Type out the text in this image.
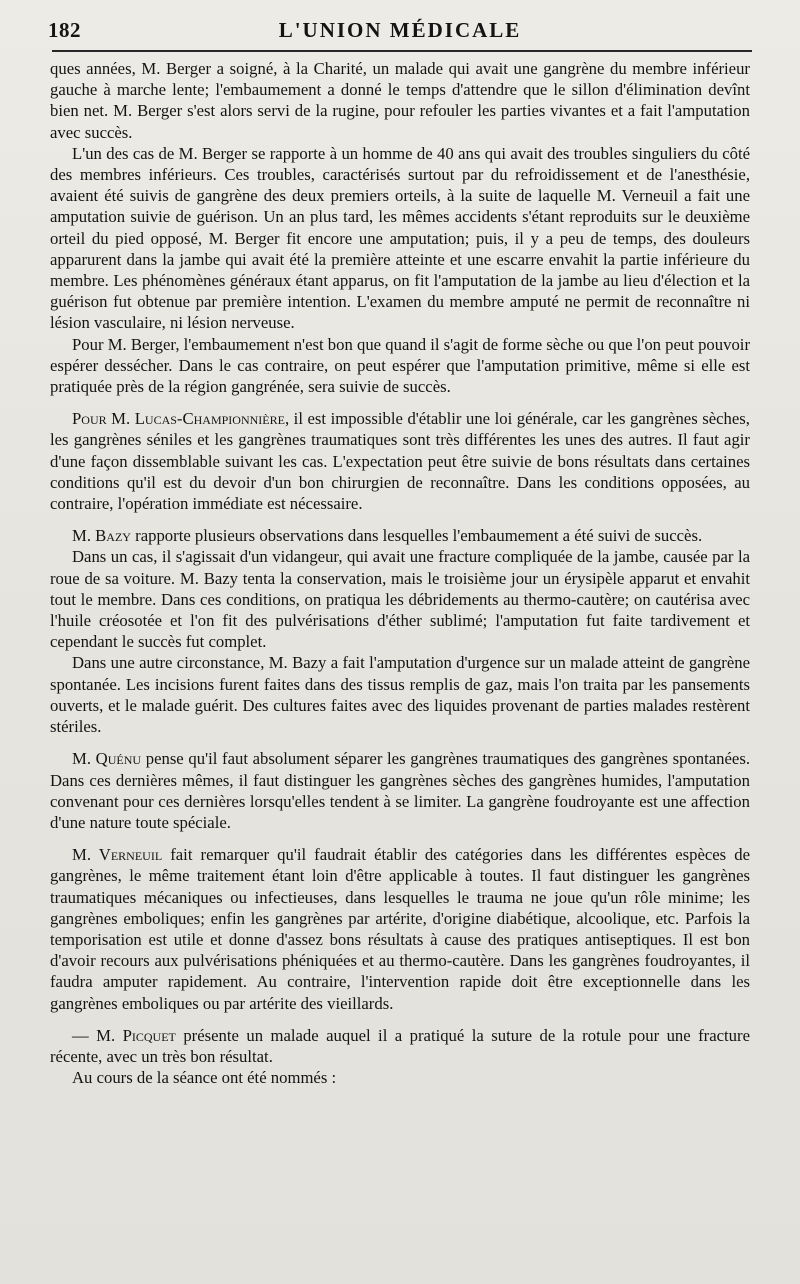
182	L'UNION MÉDICALE

ques années, M. Berger a soigné, à la Charité, un malade qui avait une gangrène du membre inférieur gauche à marche lente; l'embaumement a donné le temps d'attendre que le sillon d'élimination devînt bien net. M. Berger s'est alors servi de la rugine, pour refouler les parties vivantes et a fait l'amputation avec succès.

L'un des cas de M. Berger se rapporte à un homme de 40 ans qui avait des troubles singuliers du côté des membres inférieurs. Ces troubles, caractérisés surtout par du refroidissement et de l'anesthésie, avaient été suivis de gangrène des deux premiers orteils, à la suite de laquelle M. Verneuil a fait une amputation suivie de guérison. Un an plus tard, les mêmes accidents s'étant reproduits sur le deuxième orteil du pied opposé, M. Berger fit encore une amputation; puis, il y a peu de temps, des douleurs apparurent dans la jambe qui avait été la première atteinte et une escarre envahit la partie inférieure du membre. Les phénomènes généraux étant apparus, on fit l'amputation de la jambe au lieu d'élection et la guérison fut obtenue par première intention. L'examen du membre amputé ne permit de reconnaître ni lésion vasculaire, ni lésion nerveuse.

Pour M. Berger, l'embaumement n'est bon que quand il s'agit de forme sèche ou que l'on peut pouvoir espérer dessécher. Dans le cas contraire, on peut espérer que l'amputation primitive, même si elle est pratiquée près de la région gangrénée, sera suivie de succès.

Pour M. Lucas-Championnière, il est impossible d'établir une loi générale, car les gangrènes sèches, les gangrènes séniles et les gangrènes traumatiques sont très différentes les unes des autres. Il faut agir d'une façon dissemblable suivant les cas. L'expectation peut être suivie de bons résultats dans certaines conditions qu'il est du devoir d'un bon chirurgien de reconnaître. Dans les conditions opposées, au contraire, l'opération immédiate est nécessaire.

M. Bazy rapporte plusieurs observations dans lesquelles l'embaumement a été suivi de succès.

Dans un cas, il s'agissait d'un vidangeur, qui avait une fracture compliquée de la jambe, causée par la roue de sa voiture. M. Bazy tenta la conservation, mais le troisième jour un érysipèle apparut et envahit tout le membre. Dans ces conditions, on pratiqua les débridements au thermo-cautère; on cautérisa avec l'huile créosotée et l'on fit des pulvérisations d'éther sublimé; l'amputation fut faite tardivement et cependant le succès fut complet.

Dans une autre circonstance, M. Bazy a fait l'amputation d'urgence sur un malade atteint de gangrène spontanée. Les incisions furent faites dans des tissus remplis de gaz, mais l'on traita par les pansements ouverts, et le malade guérit. Des cultures faites avec des liquides provenant de parties malades restèrent stériles.

M. Quénu pense qu'il faut absolument séparer les gangrènes traumatiques des gangrènes spontanées. Dans ces dernières mêmes, il faut distinguer les gangrènes sèches des gangrènes humides, l'amputation convenant pour ces dernières lorsqu'elles tendent à se limiter. La gangrène foudroyante est une affection d'une nature toute spéciale.

M. Verneuil fait remarquer qu'il faudrait établir des catégories dans les différentes espèces de gangrènes, le même traitement étant loin d'être applicable à toutes. Il faut distinguer les gangrènes traumatiques mécaniques ou infectieuses, dans lesquelles le trauma ne joue qu'un rôle minime; les gangrènes emboliques; enfin les gangrènes par artérite, d'origine diabétique, alcoolique, etc. Parfois la temporisation est utile et donne d'assez bons résultats à cause des pratiques antiseptiques. Il est bon d'avoir recours aux pulvérisations phéniquées et au thermo-cautère. Dans les gangrènes foudroyantes, il faudra amputer rapidement. Au contraire, l'intervention rapide doit être exceptionnelle dans les gangrènes emboliques ou par artérite des vieillards.

— M. Picquet présente un malade auquel il a pratiqué la suture de la rotule pour une fracture récente, avec un très bon résultat.

Au cours de la séance ont été nommés :
